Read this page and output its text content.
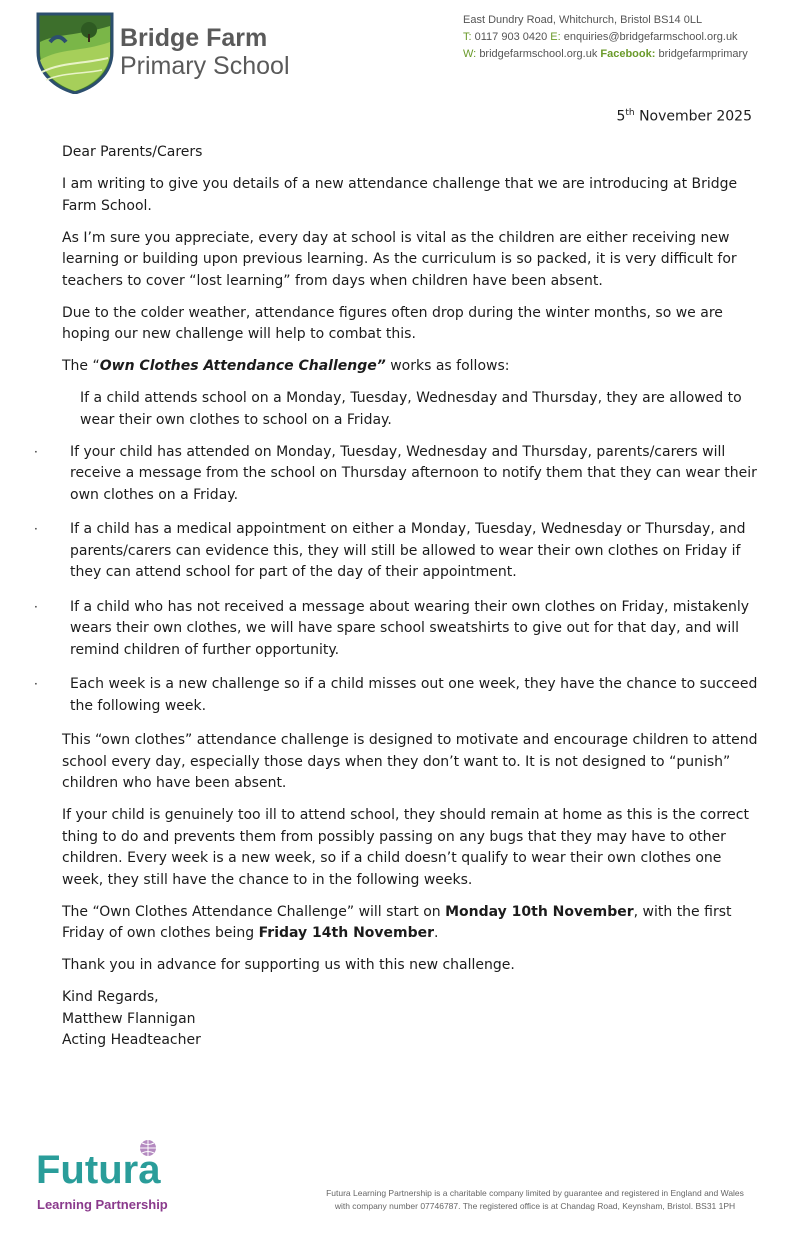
Bridge Farm
Primary School
East Dundry Road, Whitchurch, Bristol BS14 0LL
T: 0117 903 0420 E: enquiries@bridgefarmschool.org.uk
W: bridgefarmschool.org.uk Facebook: bridgefarmprimary
5th November 2025

Dear Parents/Carers

I am writing to give you details of a new attendance challenge that we are introducing at Bridge Farm School.

As I’m sure you appreciate, every day at school is vital as the children are either receiving new learning or building upon previous learning. As the curriculum is so packed, it is very difficult for teachers to cover “lost learning” from days when children have been absent.

Due to the colder weather, attendance figures often drop during the winter months, so we are hoping our new challenge will help to combat this.

The “Own Clothes Attendance Challenge” works as follows:

If a child attends school on a Monday, Tuesday, Wednesday and Thursday, they are allowed to wear their own clothes to school on a Friday.

·	If your child has attended on Monday, Tuesday, Wednesday and Thursday, parents/carers will receive a message from the school on Thursday afternoon to notify them that they can wear their own clothes on a Friday.
·	If a child has a medical appointment on either a Monday, Tuesday, Wednesday or Thursday, and parents/carers can evidence this, they will still be allowed to wear their own clothes on Friday if they can attend school for part of the day of their appointment.
·	If a child who has not received a message about wearing their own clothes on Friday, mistakenly wears their own clothes, we will have spare school sweatshirts to give out for that day, and will remind children of further opportunity.
·	Each week is a new challenge so if a child misses out one week, they have the chance to succeed the following week.

This “own clothes” attendance challenge is designed to motivate and encourage children to attend school every day, especially those days when they don’t want to. It is not designed to “punish” children who have been absent.

If your child is genuinely too ill to attend school, they should remain at home as this is the correct thing to do and prevents them from possibly passing on any bugs that they may have to other children. Every week is a new week, so if a child doesn’t qualify to wear their own clothes one week, they still have the chance to in the following weeks.

The “Own Clothes Attendance Challenge” will start on Monday 10th November, with the first Friday of own clothes being Friday 14th November.

Thank you in advance for supporting us with this new challenge.

Kind Regards,

Matthew Flannigan

Acting Headteacher

Futura
Learning Partnership
Futura Learning Partnership is a charitable company limited by guarantee and registered in England and Wales
with company number 07746787. The registered office is at Chandag Road, Keynsham, Bristol. BS31 1PH
